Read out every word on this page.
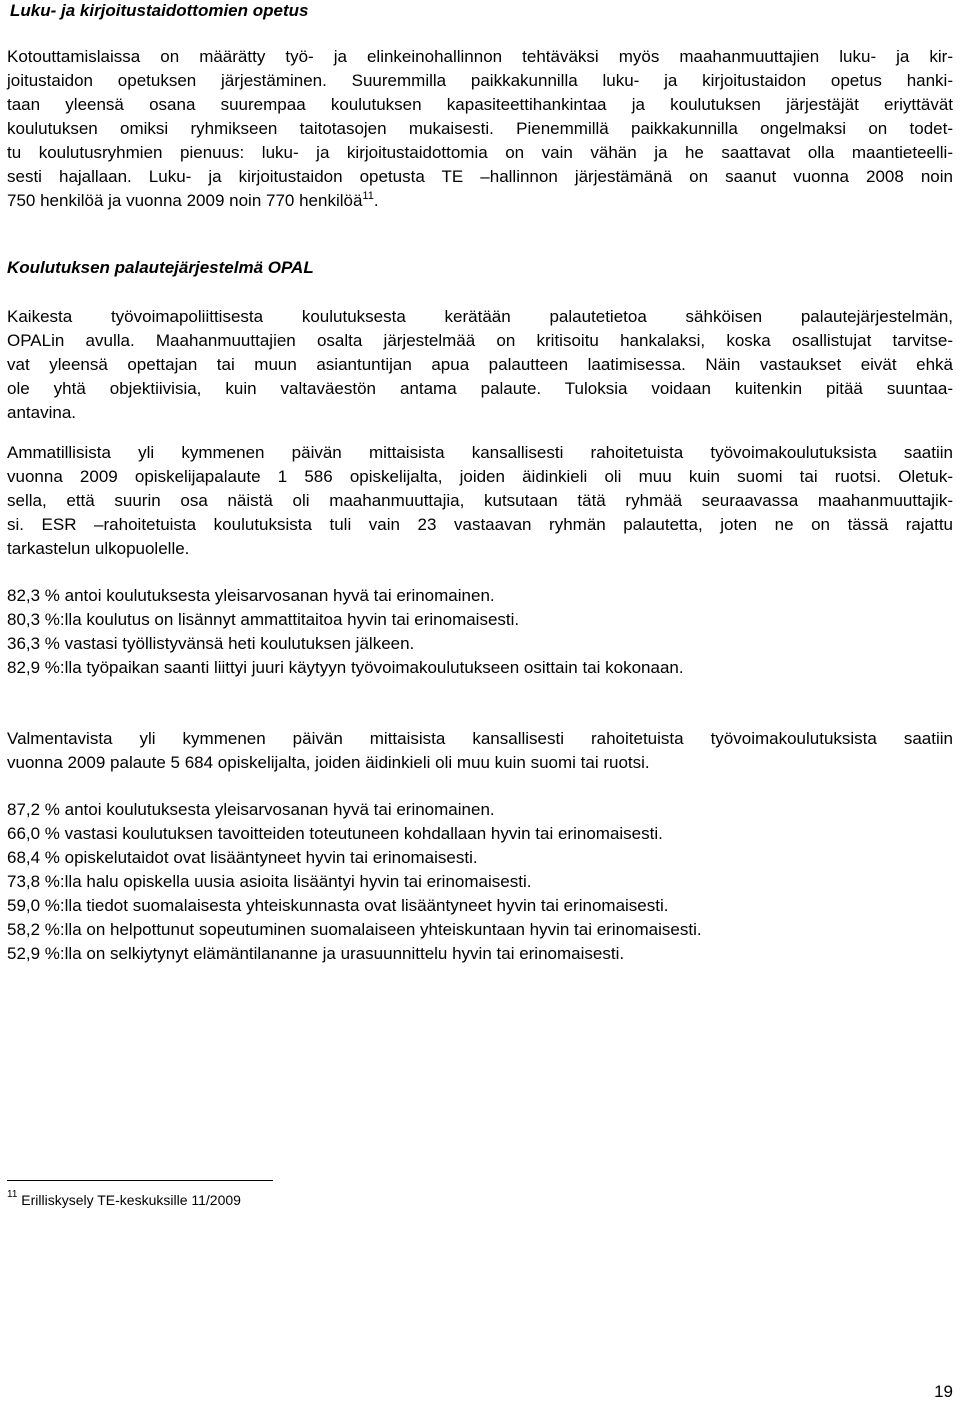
Luku- ja kirjoitustaidottomien opetus
Kotouttamislaissa on määrätty työ- ja elinkeinohallinnon tehtäväksi myös maahanmuuttajien luku- ja kir-
joitustaidon opetuksen järjestäminen. Suuremmilla paikkakunnilla luku- ja kirjoitustaidon opetus hanki-
taan yleensä osana suurempaa koulutuksen kapasiteettihankintaa ja koulutuksen järjestäjät eriyttävät
koulutuksen omiksi ryhmikseen taitotasojen mukaisesti. Pienemmillä paikkakunnilla ongelmaksi on todet-
tu koulutusryhmien pienuus: luku- ja kirjoitustaidottomia on vain vähän ja he saattavat olla maantieteelli-
sesti hajallaan. Luku- ja kirjoitustaidon opetusta TE –hallinnon järjestämänä on saanut vuonna 2008 noin
750 henkilöä ja vuonna 2009 noin 770 henkilöä$^{11}$.
Koulutuksen palautejärjestelmä OPAL
Kaikesta työvoimapoliittisesta koulutuksesta kerätään palautetietoa sähköisen palautejärjestelmän,
OPALin avulla. Maahanmuuttajien osalta järjestelmää on kritisoitu hankalaksi, koska osallistujat tarvitse-
vat yleensä opettajan tai muun asiantuntijan apua palautteen laatimisessa. Näin vastaukset eivät ehkä
ole yhtä objektiivisia, kuin valtaväestön antama palaute. Tuloksia voidaan kuitenkin pitää suuntaa-
antavina.
Ammatillisista yli kymmenen päivän mittaisista kansallisesti rahoitetuista työvoimakoulutuksista saatiin
vuonna 2009 opiskelijapalaute 1 586 opiskelijalta, joiden äidinkieli oli muu kuin suomi tai ruotsi. Oletuk-
sella, että suurin osa näistä oli maahanmuuttajia, kutsutaan tätä ryhmää seuraavassa maahanmuuttajik-
si. ESR –rahoitetuista koulutuksista tuli vain 23 vastaavan ryhmän palautetta, joten ne on tässä rajattu
tarkastelun ulkopuolelle.
82,3 % antoi koulutuksesta yleisarvosanan hyvä tai erinomainen.
80,3 %:lla koulutus on lisännyt ammattitaitoa hyvin tai erinomaisesti.
36,3 % vastasi työllistyvänsä heti koulutuksen jälkeen.
82,9 %:lla työpaikan saanti liittyi juuri käytyyn työvoimakoulutukseen osittain tai kokonaan.
Valmentavista yli kymmenen päivän mittaisista kansallisesti rahoitetuista työvoimakoulutuksista saatiin
vuonna 2009 palaute 5 684 opiskelijalta, joiden äidinkieli oli muu kuin suomi tai ruotsi.
87,2 % antoi koulutuksesta yleisarvosanan hyvä tai erinomainen.
66,0 % vastasi koulutuksen tavoitteiden toteutuneen kohdallaan hyvin tai erinomaisesti.
68,4 % opiskelutaidot ovat lisääntyneet hyvin tai erinomaisesti.
73,8 %:lla halu opiskella uusia asioita lisääntyi hyvin tai erinomaisesti.
59,0 %:lla tiedot suomalaisesta yhteiskunnasta ovat lisääntyneet hyvin tai erinomaisesti.
58,2 %:lla on helpottunut sopeutuminen suomalaiseen yhteiskuntaan hyvin tai erinomaisesti.
52,9 %:lla on selkiytynyt elämäntilananne ja urasuunnittelu hyvin tai erinomaisesti.
$^{11}$ Erilliskysely TE-keskuksille 11/2009
19
